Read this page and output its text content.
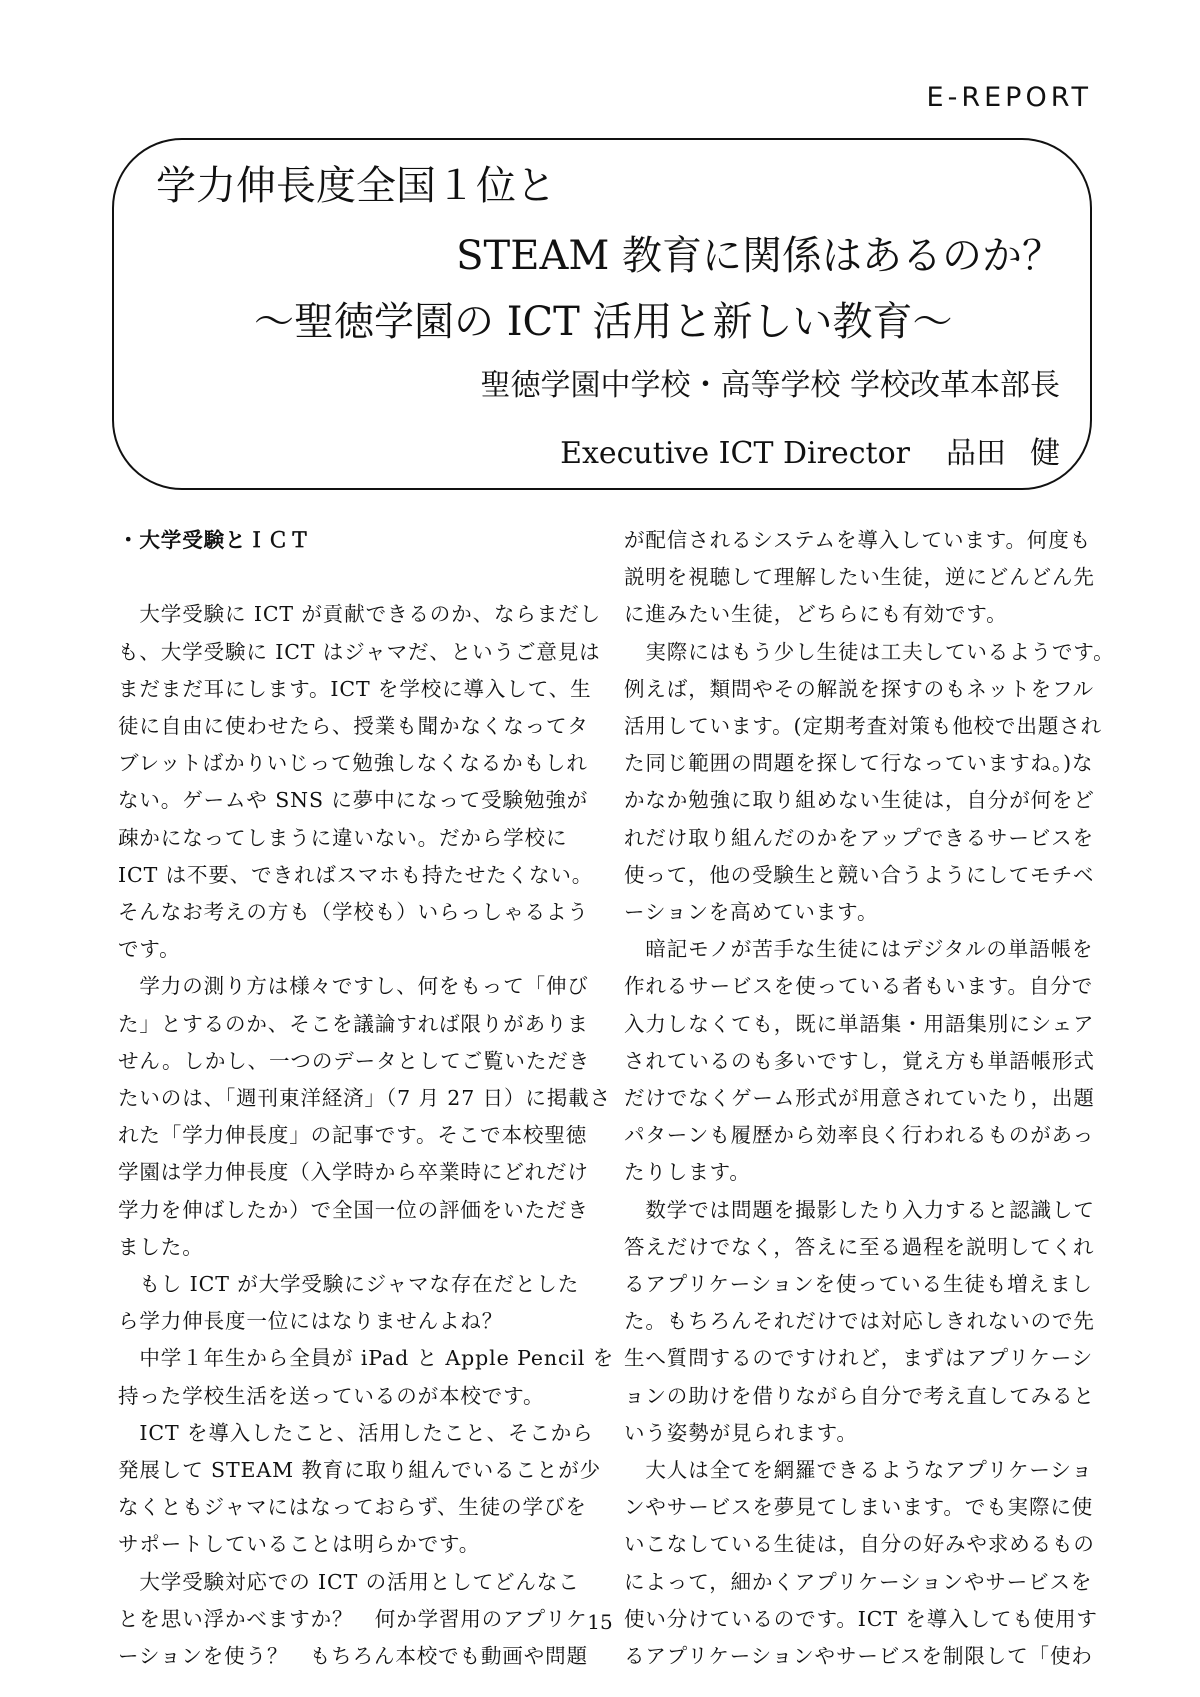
E-REPORT
学力伸長度全国１位と
STEAM 教育に関係はあるのか？
～聖徳学園の ICT 活用と新しい教育～
聖徳学園中学校・高等学校 学校改革本部長
Executive ICT Director 品田 健
・大学受験とＩＣＴ

　大学受験に ICT が貢献できるのか、ならまだし

も、大学受験に ICT はジャマだ、というご意見は

まだまだ耳にします。ICT を学校に導入して、生

徒に自由に使わせたら、授業も聞かなくなってタ

ブレットばかりいじって勉強しなくなるかもしれ

ない。ゲームや SNS に夢中になって受験勉強が

疎かになってしまうに違いない。だから学校に

ICT は不要、できればスマホも持たせたくない。

そんなお考えの方も（学校も）いらっしゃるよう

です。

　学力の測り方は様々ですし、何をもって「伸び

た」とするのか、そこを議論すれば限りがありま

せん。しかし、一つのデータとしてご覧いただき

たいのは、「週刊東洋経済」（7 月 27 日）に掲載さ

れた「学力伸長度」の記事です。そこで本校聖徳

学園は学力伸長度（入学時から卒業時にどれだけ

学力を伸ばしたか）で全国一位の評価をいただき

ました。

　もし ICT が大学受験にジャマな存在だとした

ら学力伸長度一位にはなりませんよね？

　中学１年生から全員が iPad と Apple Pencil を

持った学校生活を送っているのが本校です。

　ICT を導入したこと、活用したこと、そこから

発展して STEAM 教育に取り組んでいることが少

なくともジャマにはなっておらず、生徒の学びを

サポートしていることは明らかです。

　大学受験対応での ICT の活用としてどんなこ

とを思い浮かべますか？　何か学習用のアプリケ

ーションを使う？　もちろん本校でも動画や問題

が配信されるシステムを導入しています。何度も

説明を視聴して理解したい生徒，逆にどんどん先

に進みたい生徒，どちらにも有効です。

　実際にはもう少し生徒は工夫しているようです。

例えば，類問やその解説を探すのもネットをフル

活用しています。(定期考査対策も他校で出題され

た同じ範囲の問題を探して行なっていますね。)な

かなか勉強に取り組めない生徒は，自分が何をど

れだけ取り組んだのかをアップできるサービスを

使って，他の受験生と競い合うようにしてモチベ

ーションを高めています。

　暗記モノが苦手な生徒にはデジタルの単語帳を

作れるサービスを使っている者もいます。自分で

入力しなくても，既に単語集・用語集別にシェア

されているのも多いですし，覚え方も単語帳形式

だけでなくゲーム形式が用意されていたり，出題

パターンも履歴から効率良く行われるものがあっ

たりします。

　数学では問題を撮影したり入力すると認識して

答えだけでなく，答えに至る過程を説明してくれ

るアプリケーションを使っている生徒も増えまし

た。もちろんそれだけでは対応しきれないので先

生へ質問するのですけれど，まずはアプリケーシ

ョンの助けを借りながら自分で考え直してみると

いう姿勢が見られます。

　大人は全てを網羅できるようなアプリケーショ

ンやサービスを夢見てしまいます。でも実際に使

いこなしている生徒は，自分の好みや求めるもの

によって，細かくアプリケーションやサービスを

使い分けているのです。ICT を導入しても使用す

るアプリケーションやサービスを制限して「使わ

15
